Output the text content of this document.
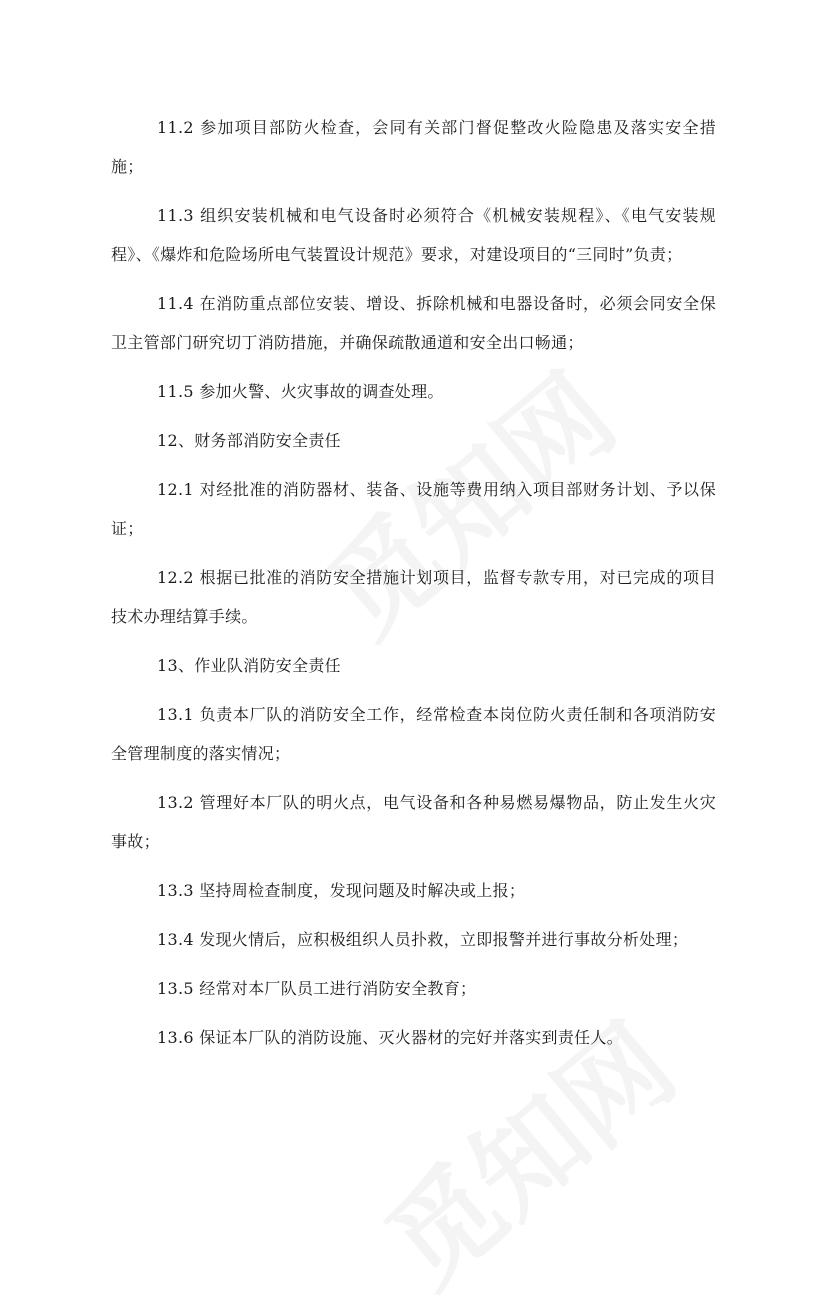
11.2 参加项目部防火检查，会同有关部门督促整改火险隐患及落实安全措施；

11.3 组织安装机械和电气设备时必须符合《机械安装规程》、《电气安装规程》、《爆炸和危险场所电气装置设计规范》要求，对建设项目的“三同时”负责；

11.4 在消防重点部位安装、增设、拆除机械和电器设备时，必须会同安全保卫主管部门研究切丁消防措施，并确保疏散通道和安全出口畅通；

11.5 参加火警、火灾事故的调查处理。

12、财务部消防安全责任

12.1 对经批准的消防器材、装备、设施等费用纳入项目部财务计划、予以保证；

12.2 根据已批准的消防安全措施计划项目，监督专款专用，对已完成的项目技术办理结算手续。

13、作业队消防安全责任

13.1 负责本厂队的消防安全工作，经常检查本岗位防火责任制和各项消防安全管理制度的落实情况；

13.2 管理好本厂队的明火点，电气设备和各种易燃易爆物品，防止发生火灾事故；

13.3 坚持周检查制度，发现问题及时解决或上报；

13.4 发现火情后，应积极组织人员扑救，立即报警并进行事故分析处理；

13.5 经常对本厂队员工进行消防安全教育；

13.6 保证本厂队的消防设施、灭火器材的完好并落实到责任人。
